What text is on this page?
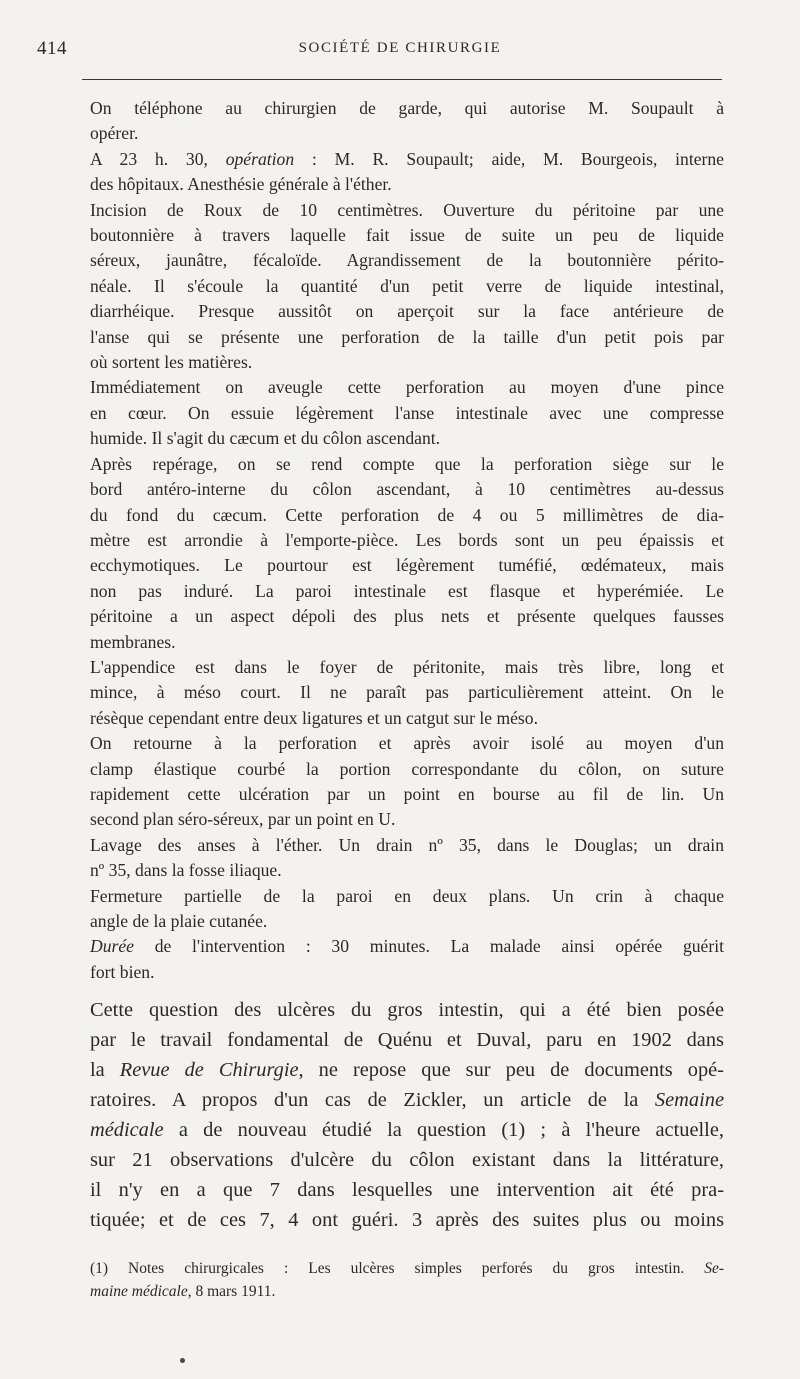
414	SOCIÉTÉ DE CHIRURGIE

On téléphone au chirurgien de garde, qui autorise M. Soupault à
opérer.

A 23 h. 30, opération : M. R. Soupault; aide, M. Bourgeois, interne
des hôpitaux. Anesthésie générale à l'éther.

Incision de Roux de 10 centimètres. Ouverture du péritoine par une
boutonnière à travers laquelle fait issue de suite un peu de liquide
séreux, jaunâtre, fécaloïde. Agrandissement de la boutonnière périto-
néale. Il s'écoule la quantité d'un petit verre de liquide intestinal,
diarrhéique. Presque aussitôt on aperçoit sur la face antérieure de
l'anse qui se présente une perforation de la taille d'un petit pois par
où sortent les matières.

Immédiatement on aveugle cette perforation au moyen d'une pince
en cœur. On essuie légèrement l'anse intestinale avec une compresse
humide. Il s'agit du cæcum et du côlon ascendant.

Après repérage, on se rend compte que la perforation siège sur le
bord antéro-interne du côlon ascendant, à 10 centimètres au-dessus
du fond du cæcum. Cette perforation de 4 ou 5 millimètres de dia-
mètre est arrondie à l'emporte-pièce. Les bords sont un peu épaissis et
ecchymotiques. Le pourtour est légèrement tuméfié, œdémateux, mais
non pas induré. La paroi intestinale est flasque et hyperémiée. Le
péritoine a un aspect dépoli des plus nets et présente quelques fausses
membranes.

L'appendice est dans le foyer de péritonite, mais très libre, long et
mince, à méso court. Il ne paraît pas particulièrement atteint. On le
résèque cependant entre deux ligatures et un catgut sur le méso.

On retourne à la perforation et après avoir isolé au moyen d'un
clamp élastique courbé la portion correspondante du côlon, on suture
rapidement cette ulcération par un point en bourse au fil de lin. Un
second plan séro-séreux, par un point en U.

Lavage des anses à l'éther. Un drain nº 35, dans le Douglas; un drain
nº 35, dans la fosse iliaque.

Fermeture partielle de la paroi en deux plans. Un crin à chaque
angle de la plaie cutanée.

Durée de l'intervention : 30 minutes. La malade ainsi opérée guérit
fort bien.

Cette question des ulcères du gros intestin, qui a été bien posée
par le travail fondamental de Quénu et Duval, paru en 1902 dans
la Revue de Chirurgie, ne repose que sur peu de documents opé-
ratoires. A propos d'un cas de Zickler, un article de la Semaine
médicale a de nouveau étudié la question (1) ; à l'heure actuelle,
sur 21 observations d'ulcère du côlon existant dans la littérature,
il n'y en a que 7 dans lesquelles une intervention ait été pra-
tiquée; et de ces 7, 4 ont guéri. 3 après des suites plus ou moins

(1) Notes chirurgicales : Les ulcères simples perforés du gros intestin. Se-
maine médicale, 8 mars 1911.
